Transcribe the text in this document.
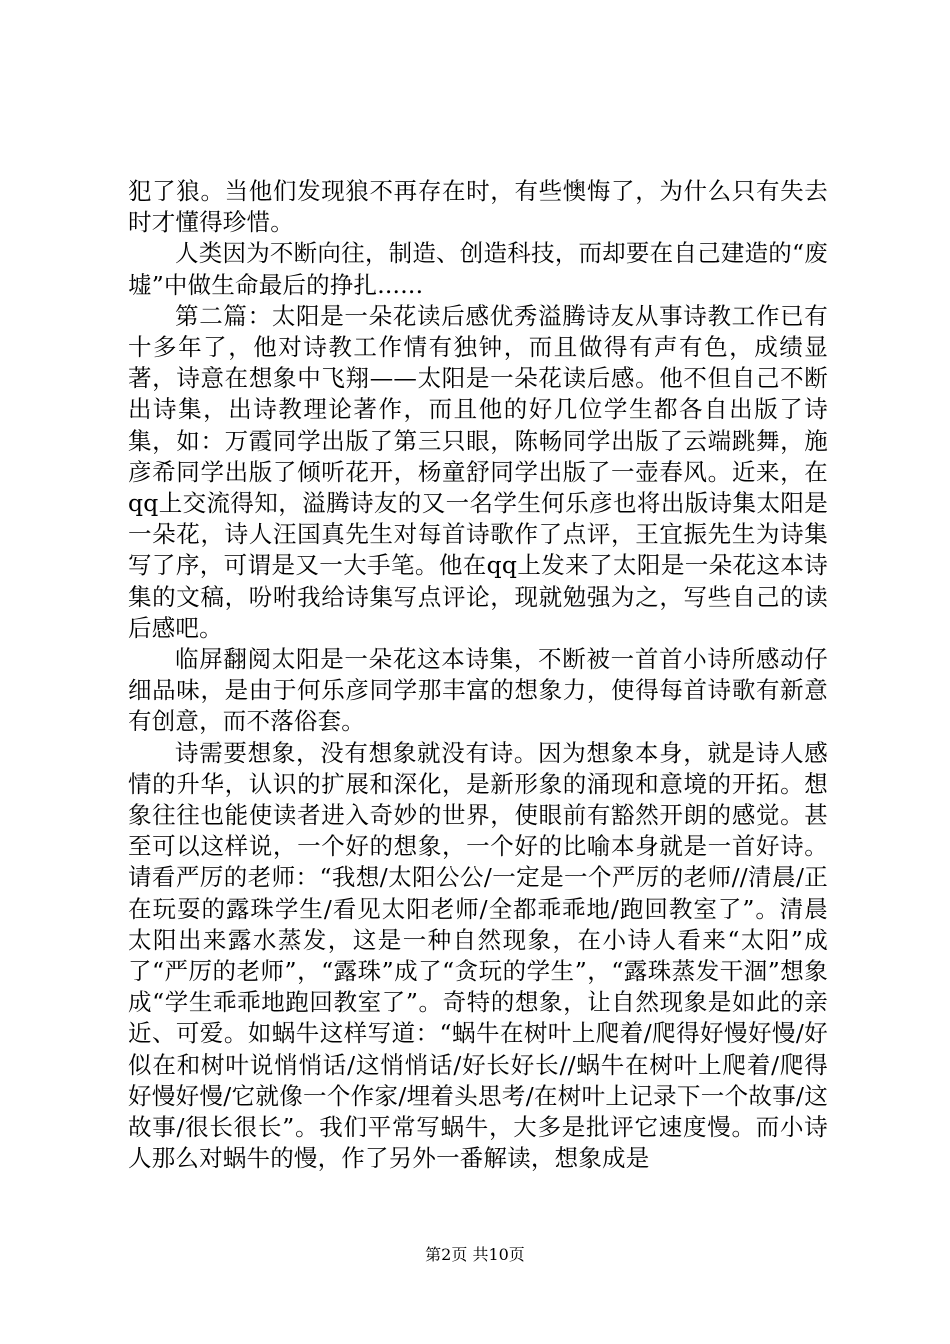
犯了狼。当他们发现狼不再存在时，有些懊悔了，为什么只有失去时才懂得珍惜。

人类因为不断向往，制造、创造科技，而却要在自己建造的“废墟”中做生命最后的挣扎......

第二篇：太阳是一朵花读后感优秀溢腾诗友从事诗教工作已有十多年了，他对诗教工作情有独钟，而且做得有声有色，成绩显著，诗意在想象中飞翔——太阳是一朵花读后感。他不但自己不断出诗集，出诗教理论著作，而且他的好几位学生都各自出版了诗集，如：万霞同学出版了第三只眼，陈畅同学出版了云端跳舞，施彦希同学出版了倾听花开，杨童舒同学出版了一壶春风。近来，在qq上交流得知，溢腾诗友的又一名学生何乐彦也将出版诗集太阳是一朵花，诗人汪国真先生对每首诗歌作了点评，王宜振先生为诗集写了序，可谓是又一大手笔。他在qq上发来了太阳是一朵花这本诗集的文稿，吩咐我给诗集写点评论，现就勉强为之，写些自己的读后感吧。

临屏翻阅太阳是一朵花这本诗集，不断被一首首小诗所感动仔细品味，是由于何乐彦同学那丰富的想象力，使得每首诗歌有新意有创意，而不落俗套。

诗需要想象，没有想象就没有诗。因为想象本身，就是诗人感情的升华，认识的扩展和深化，是新形象的涌现和意境的开拓。想象往往也能使读者进入奇妙的世界，使眼前有豁然开朗的感觉。甚至可以这样说，一个好的想象，一个好的比喻本身就是一首好诗。请看严厉的老师：“我想/太阳公公/一定是一个严厉的老师//清晨/正在玩耍的露珠学生/看见太阳老师/全都乖乖地/跑回教室了”。清晨太阳出来露水蒸发，这是一种自然现象，在小诗人看来“太阳”成了“严厉的老师”，“露珠”成了“贪玩的学生”，“露珠蒸发干涸”想象成“学生乖乖地跑回教室了”。奇特的想象，让自然现象是如此的亲近、可爱。如蜗牛这样写道：“蜗牛在树叶上爬着/爬得好慢好慢/好似在和树叶说悄悄话/这悄悄话/好长好长//蜗牛在树叶上爬着/爬得好慢好慢/它就像一个作家/埋着头思考/在树叶上记录下一个故事/这故事/很长很长”。我们平常写蜗牛，大多是批评它速度慢。而小诗人那么对蜗牛的慢，作了另外一番解读，想象成是

第2页 共10页
